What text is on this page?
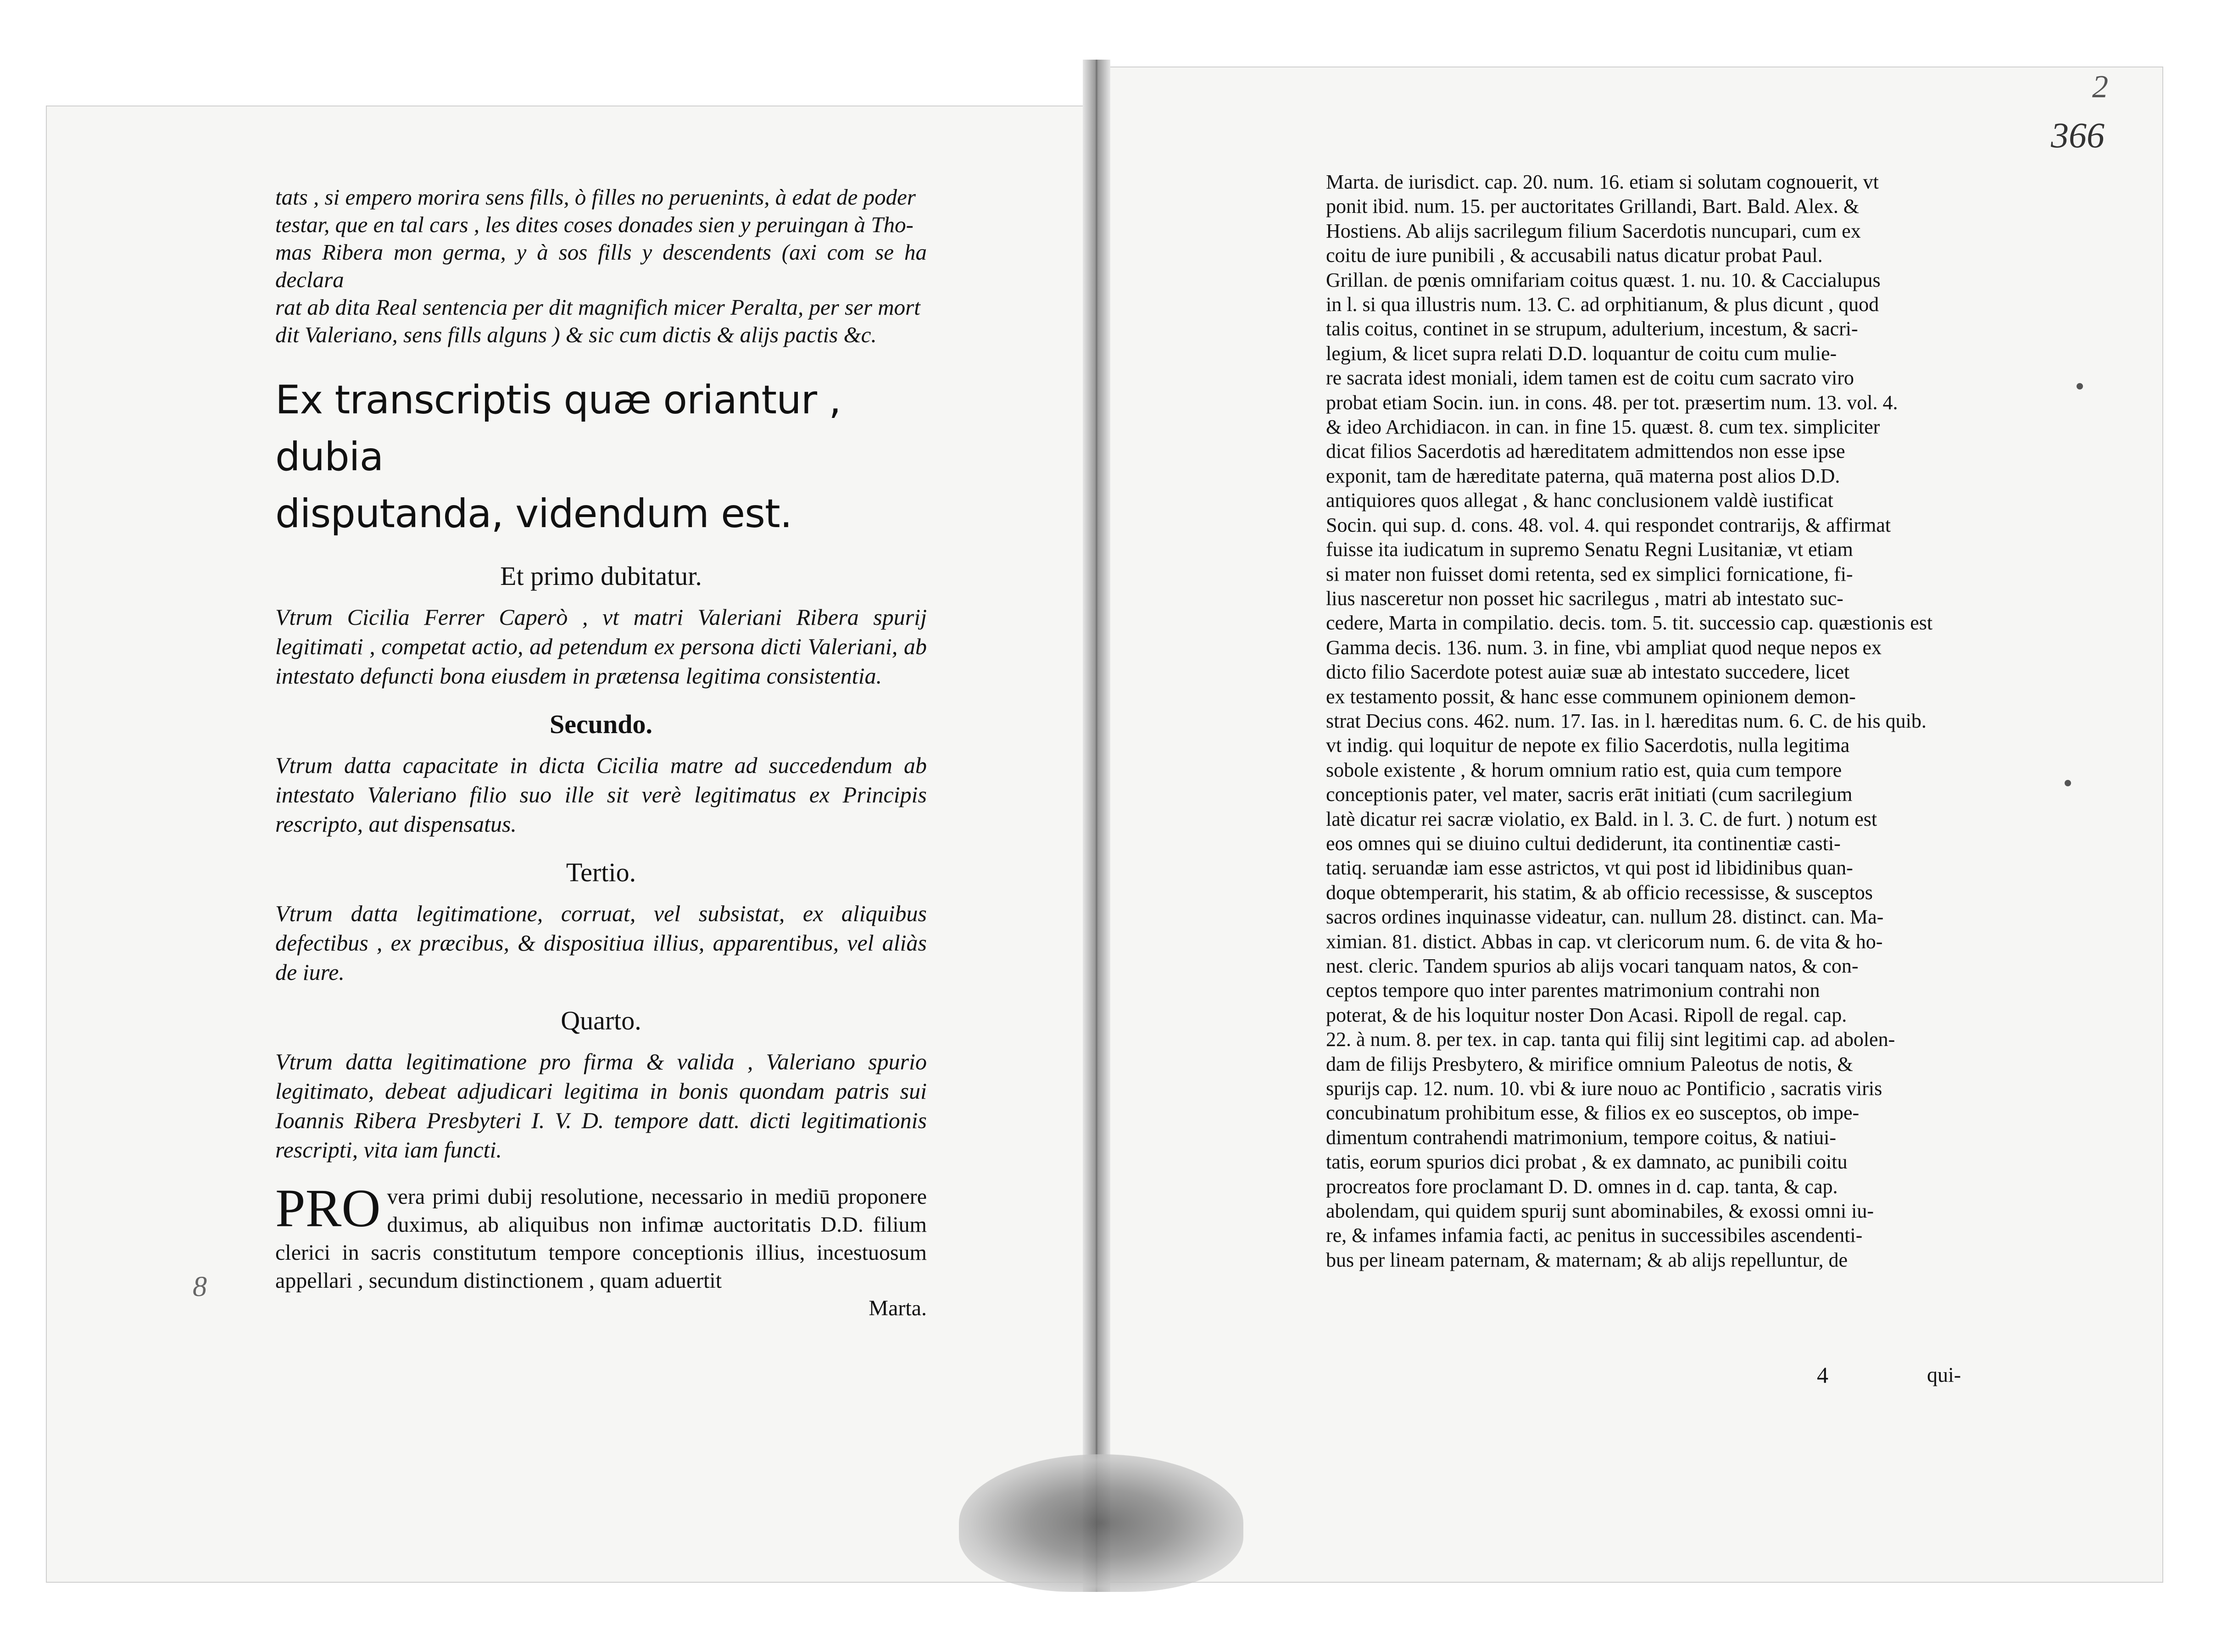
2
366
8

tats , si empero morira sens fills, ò filles no peruenints, à edat de poder
testar, que en tal cars , les dites coses donades sien y peruingan à Tho-
mas Ribera mon germa, y à sos fills y descendents (axi com se ha declara
rat ab dita Real sentencia per dit magnifich micer Peralta, per ser mort
dit Valeriano, sens fills alguns ) & sic cum dictis & alijs pactis &c.

Ex transcriptis quæ oriantur , dubia
disputanda, videndum est.
Et primo dubitatur.

Vtrum Cicilia Ferrer Caperò , vt matri Valeriani Ribera spurij legitimati , competat actio, ad petendum ex persona dicti Valeriani, ab intestato defuncti bona eiusdem in prætensa legitima consistentia.

Secundo.

Vtrum datta capacitate in dicta Cicilia matre ad succedendum ab intestato Valeriano filio suo ille sit verè legitimatus ex Principis rescripto, aut dispensatus.

Tertio.

Vtrum datta legitimatione, corruat, vel subsistat, ex aliquibus defectibus , ex præcibus, & dispositiua illius, apparentibus, vel aliàs de iure.

Quarto.

Vtrum datta legitimatione pro firma & valida , Valeriano spurio legitimato, debeat adjudicari legitima in bonis quondam patris sui Ioannis Ribera Presbyteri I. V. D. tempore datt. dicti legitimationis rescripti, vita iam functi.

PRO vera primi dubij resolutione, necessario in mediū proponere duximus, ab aliquibus non infimæ auctoritatis D.D. filium clerici in sacris constitutum tempore conceptionis illius, incestuosum appellari , secundum distinctionem , quam aduertit

Marta.

Marta. de iurisdict. cap. 20. num. 16. etiam si solutam cognouerit, vt

ponit ibid. num. 15. per auctoritates Grillandi, Bart. Bald. Alex. &

Hostiens. Ab alijs sacrilegum filium Sacerdotis nuncupari, cum ex

coitu de iure punibili , & accusabili natus dicatur probat Paul.

Grillan. de pœnis omnifariam coitus quæst. 1. nu. 10. & Caccialupus

in l. si qua illustris num. 13. C. ad orphitianum, & plus dicunt , quod

talis coitus, continet in se strupum, adulterium, incestum, & sacri-

legium, & licet supra relati D.D. loquantur de coitu cum mulie-

re sacrata idest moniali, idem tamen est de coitu cum sacrato viro

probat etiam Socin. iun. in cons. 48. per tot. præsertim num. 13. vol. 4.

& ideo Archidiacon. in can. in fine 15. quæst. 8. cum tex. simpliciter

dicat filios Sacerdotis ad hæreditatem admittendos non esse ipse

exponit, tam de hæreditate paterna, quā materna post alios D.D.

antiquiores quos allegat , & hanc conclusionem valdè iustificat

Socin. qui sup. d. cons. 48. vol. 4. qui respondet contrarijs, & affirmat

fuisse ita iudicatum in supremo Senatu Regni Lusitaniæ, vt etiam

si mater non fuisset domi retenta, sed ex simplici fornicatione, fi-

lius nasceretur non posset hic sacrilegus , matri ab intestato suc-

cedere, Marta in compilatio. decis. tom. 5. tit. successio cap. quæstionis est

Gamma decis. 136. num. 3. in fine, vbi ampliat quod neque nepos ex

dicto filio Sacerdote potest auiæ suæ ab intestato succedere, licet

ex testamento possit, & hanc esse communem opinionem demon-

strat Decius cons. 462. num. 17. Ias. in l. hæreditas num. 6. C. de his quib.

vt indig. qui loquitur de nepote ex filio Sacerdotis, nulla legitima

sobole existente , & horum omnium ratio est, quia cum tempore

conceptionis pater, vel mater, sacris erāt initiati (cum sacrilegium

latè dicatur rei sacræ violatio, ex Bald. in l. 3. C. de furt. ) notum est

eos omnes qui se diuino cultui dediderunt, ita continentiæ casti-

tatiq. seruandæ iam esse astrictos, vt qui post id libidinibus quan-

doque obtemperarit, his statim, & ab officio recessisse, & susceptos

sacros ordines inquinasse videatur, can. nullum 28. distinct. can. Ma-

ximian. 81. distict. Abbas in cap. vt clericorum num. 6. de vita & ho-

nest. cleric. Tandem spurios ab alijs vocari tanquam natos, & con-

ceptos tempore quo inter parentes matrimonium contrahi non

poterat, & de his loquitur noster Don Acasi. Ripoll de regal. cap.

22. à num. 8. per tex. in cap. tanta qui filij sint legitimi cap. ad abolen-

dam de filijs Presbytero, & mirifice omnium Paleotus de notis, &

spurijs cap. 12. num. 10. vbi & iure nouo ac Pontificio , sacratis viris

concubinatum prohibitum esse, & filios ex eo susceptos, ob impe-

dimentum contrahendi matrimonium, tempore coitus, & natiui-

tatis, eorum spurios dici probat , & ex damnato, ac punibili coitu

procreatos fore proclamant D. D. omnes in d. cap. tanta, & cap.

abolendam, qui quidem spurij sunt abominabiles, & exossi omni iu-

re, & infames infamia facti, ac penitus in successibiles ascendenti-

bus per lineam paternam, & maternam; & ab alijs repelluntur, de

4	qui-
